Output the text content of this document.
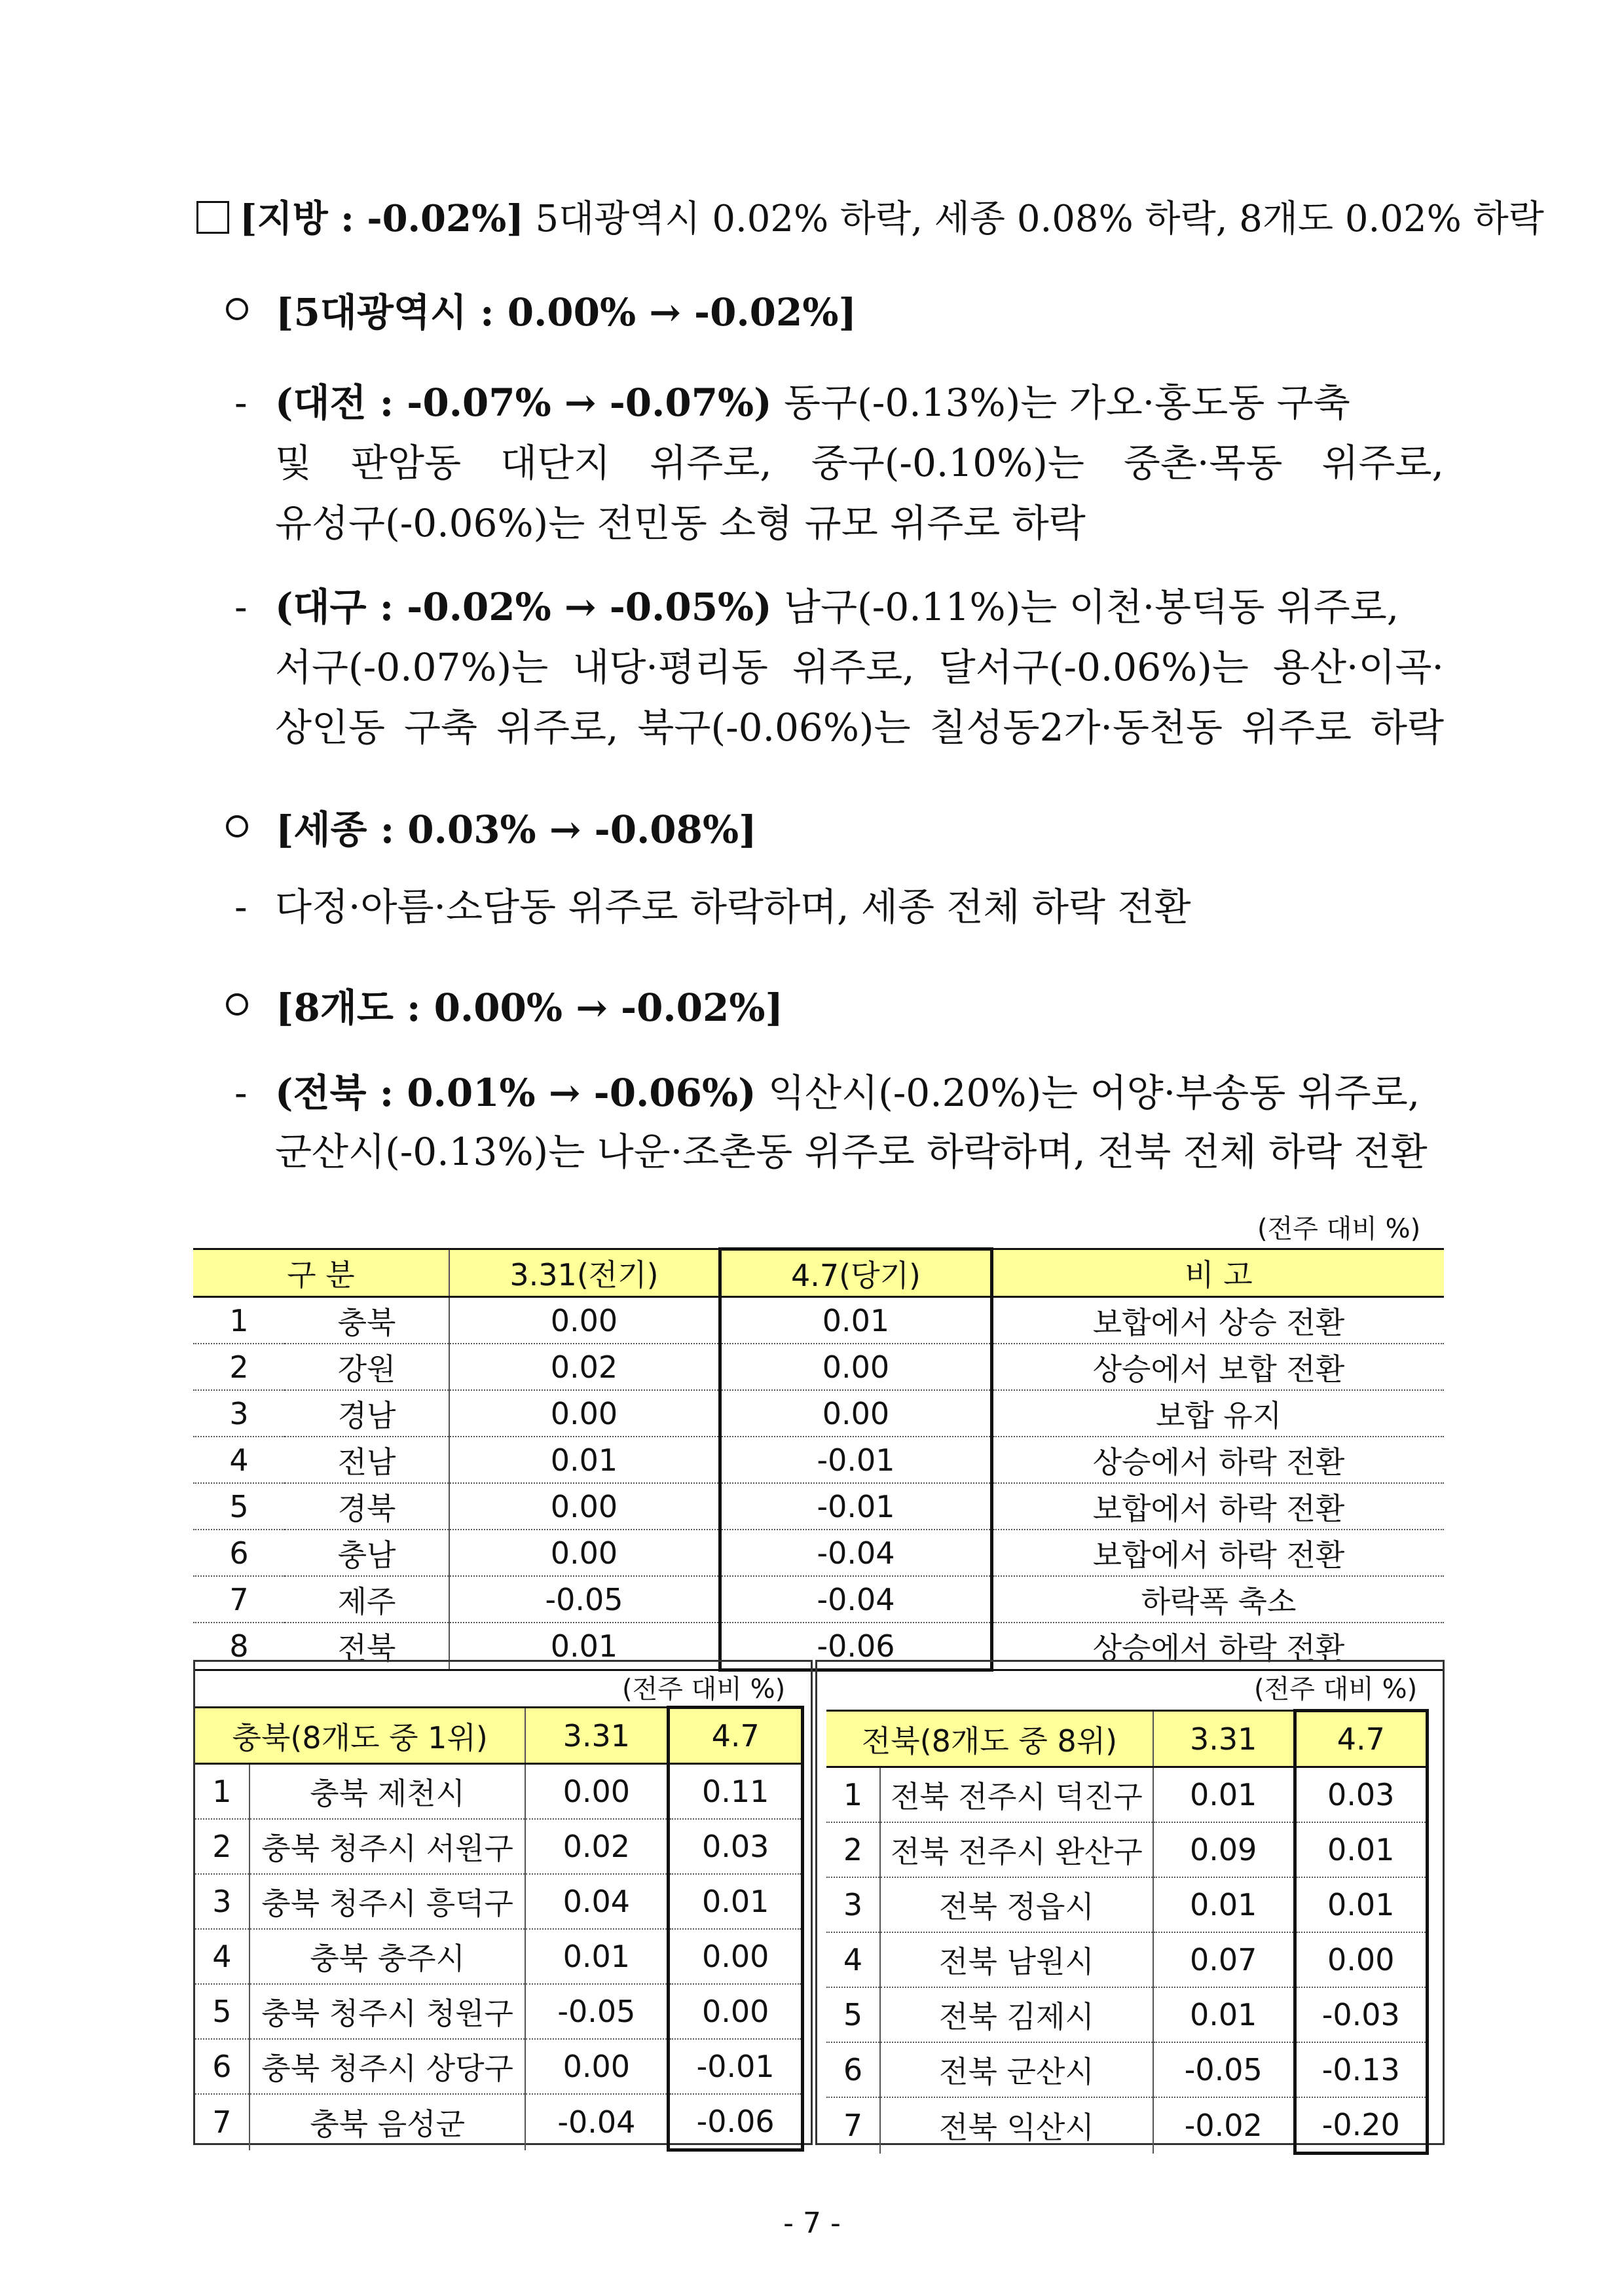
[지방 : -0.02%] 5대광역시 0.02% 하락, 세종 0.08% 하락, 8개도 0.02% 하락
[5대광역시 : 0.00% → -0.02%]
- (대전 : -0.07% → -0.07%) 동구(-0.13%)는 가오·홍도동 구축
및 판암동 대단지 위주로, 중구(-0.10%)는 중촌·목동 위주로,
유성구(-0.06%)는 전민동 소형 규모 위주로 하락
- (대구 : -0.02% → -0.05%) 남구(-0.11%)는 이천·봉덕동 위주로,
서구(-0.07%)는 내당·평리동 위주로, 달서구(-0.06%)는 용산·이곡·
상인동 구축 위주로, 북구(-0.06%)는 칠성동2가·동천동 위주로 하락
[세종 : 0.03% → -0.08%]
- 다정·아름·소담동 위주로 하락하며, 세종 전체 하락 전환
[8개도 : 0.00% → -0.02%]
- (전북 : 0.01% → -0.06%) 익산시(-0.20%)는 어양·부송동 위주로,
군산시(-0.13%)는 나운·조촌동 위주로 하락하며, 전북 전체 하락 전환
(전주 대비 %)
구 분		3.31(전기)	4.7(당기)	비 고
1	충북	0.00	0.01	보합에서 상승 전환
2	강원	0.02	0.00	상승에서 보합 전환
3	경남	0.00	0.00	보합 유지
4	전남	0.01	-0.01	상승에서 하락 전환
5	경북	0.00	-0.01	보합에서 하락 전환
6	충남	0.00	-0.04	보합에서 하락 전환
7	제주	-0.05	-0.04	하락폭 축소
8	전북	0.01	-0.06	상승에서 하락 전환
(전주 대비 %)
충북(8개도 중 1위)		3.31	4.7
1	충북 제천시	0.00	0.11
2	충북 청주시 서원구	0.02	0.03
3	충북 청주시 흥덕구	0.04	0.01
4	충북 충주시	0.01	0.00
5	충북 청주시 청원구	-0.05	0.00
6	충북 청주시 상당구	0.00	-0.01
7	충북 음성군	-0.04	-0.06
(전주 대비 %)
전북(8개도 중 8위)		3.31	4.7
1	전북 전주시 덕진구	0.01	0.03
2	전북 전주시 완산구	0.09	0.01
3	전북 정읍시	0.01	0.01
4	전북 남원시	0.07	0.00
5	전북 김제시	0.01	-0.03
6	전북 군산시	-0.05	-0.13
7	전북 익산시	-0.02	-0.20
- 7 -
